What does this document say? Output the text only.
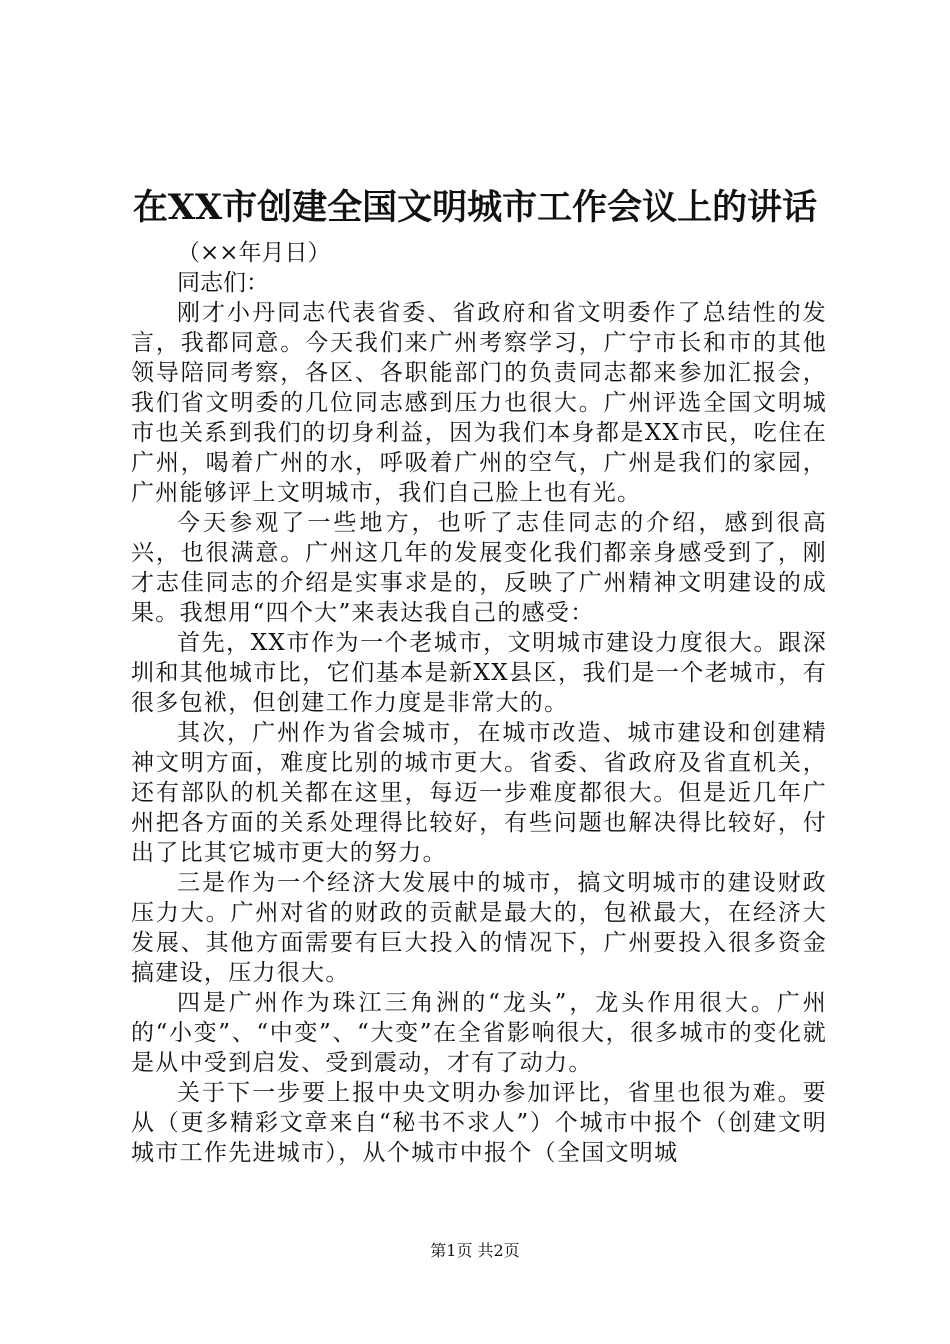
在XX市创建全国文明城市工作会议上的讲话

（××年月日）

同志们：

刚才小丹同志代表省委、省政府和省文明委作了总结性的发言，我都同意。今天我们来广州考察学习，广宁市长和市的其他领导陪同考察，各区、各职能部门的负责同志都来参加汇报会，我们省文明委的几位同志感到压力也很大。广州评选全国文明城市也关系到我们的切身利益，因为我们本身都是XX市民，吃住在广州，喝着广州的水，呼吸着广州的空气，广州是我们的家园，广州能够评上文明城市，我们自己脸上也有光。

今天参观了一些地方，也听了志佳同志的介绍，感到很高兴，也很满意。广州这几年的发展变化我们都亲身感受到了，刚才志佳同志的介绍是实事求是的，反映了广州精神文明建设的成果。我想用“四个大”来表达我自己的感受：

首先，XX市作为一个老城市，文明城市建设力度很大。跟深圳和其他城市比，它们基本是新XX县区，我们是一个老城市，有很多包袱，但创建工作力度是非常大的。

其次，广州作为省会城市，在城市改造、城市建设和创建精神文明方面，难度比别的城市更大。省委、省政府及省直机关，还有部队的机关都在这里，每迈一步难度都很大。但是近几年广州把各方面的关系处理得比较好，有些问题也解决得比较好，付出了比其它城市更大的努力。

三是作为一个经济大发展中的城市，搞文明城市的建设财政压力大。广州对省的财政的贡献是最大的，包袱最大，在经济大发展、其他方面需要有巨大投入的情况下，广州要投入很多资金搞建设，压力很大。

四是广州作为珠江三角洲的“龙头”，龙头作用很大。广州的“小变”、“中变”、“大变”在全省影响很大，很多城市的变化就是从中受到启发、受到震动，才有了动力。

关于下一步要上报中央文明办参加评比，省里也很为难。要从（更多精彩文章来自“秘书不求人”）个城市中报个（创建文明城市工作先进城市），从个城市中报个（全国文明城

第1页 共2页
